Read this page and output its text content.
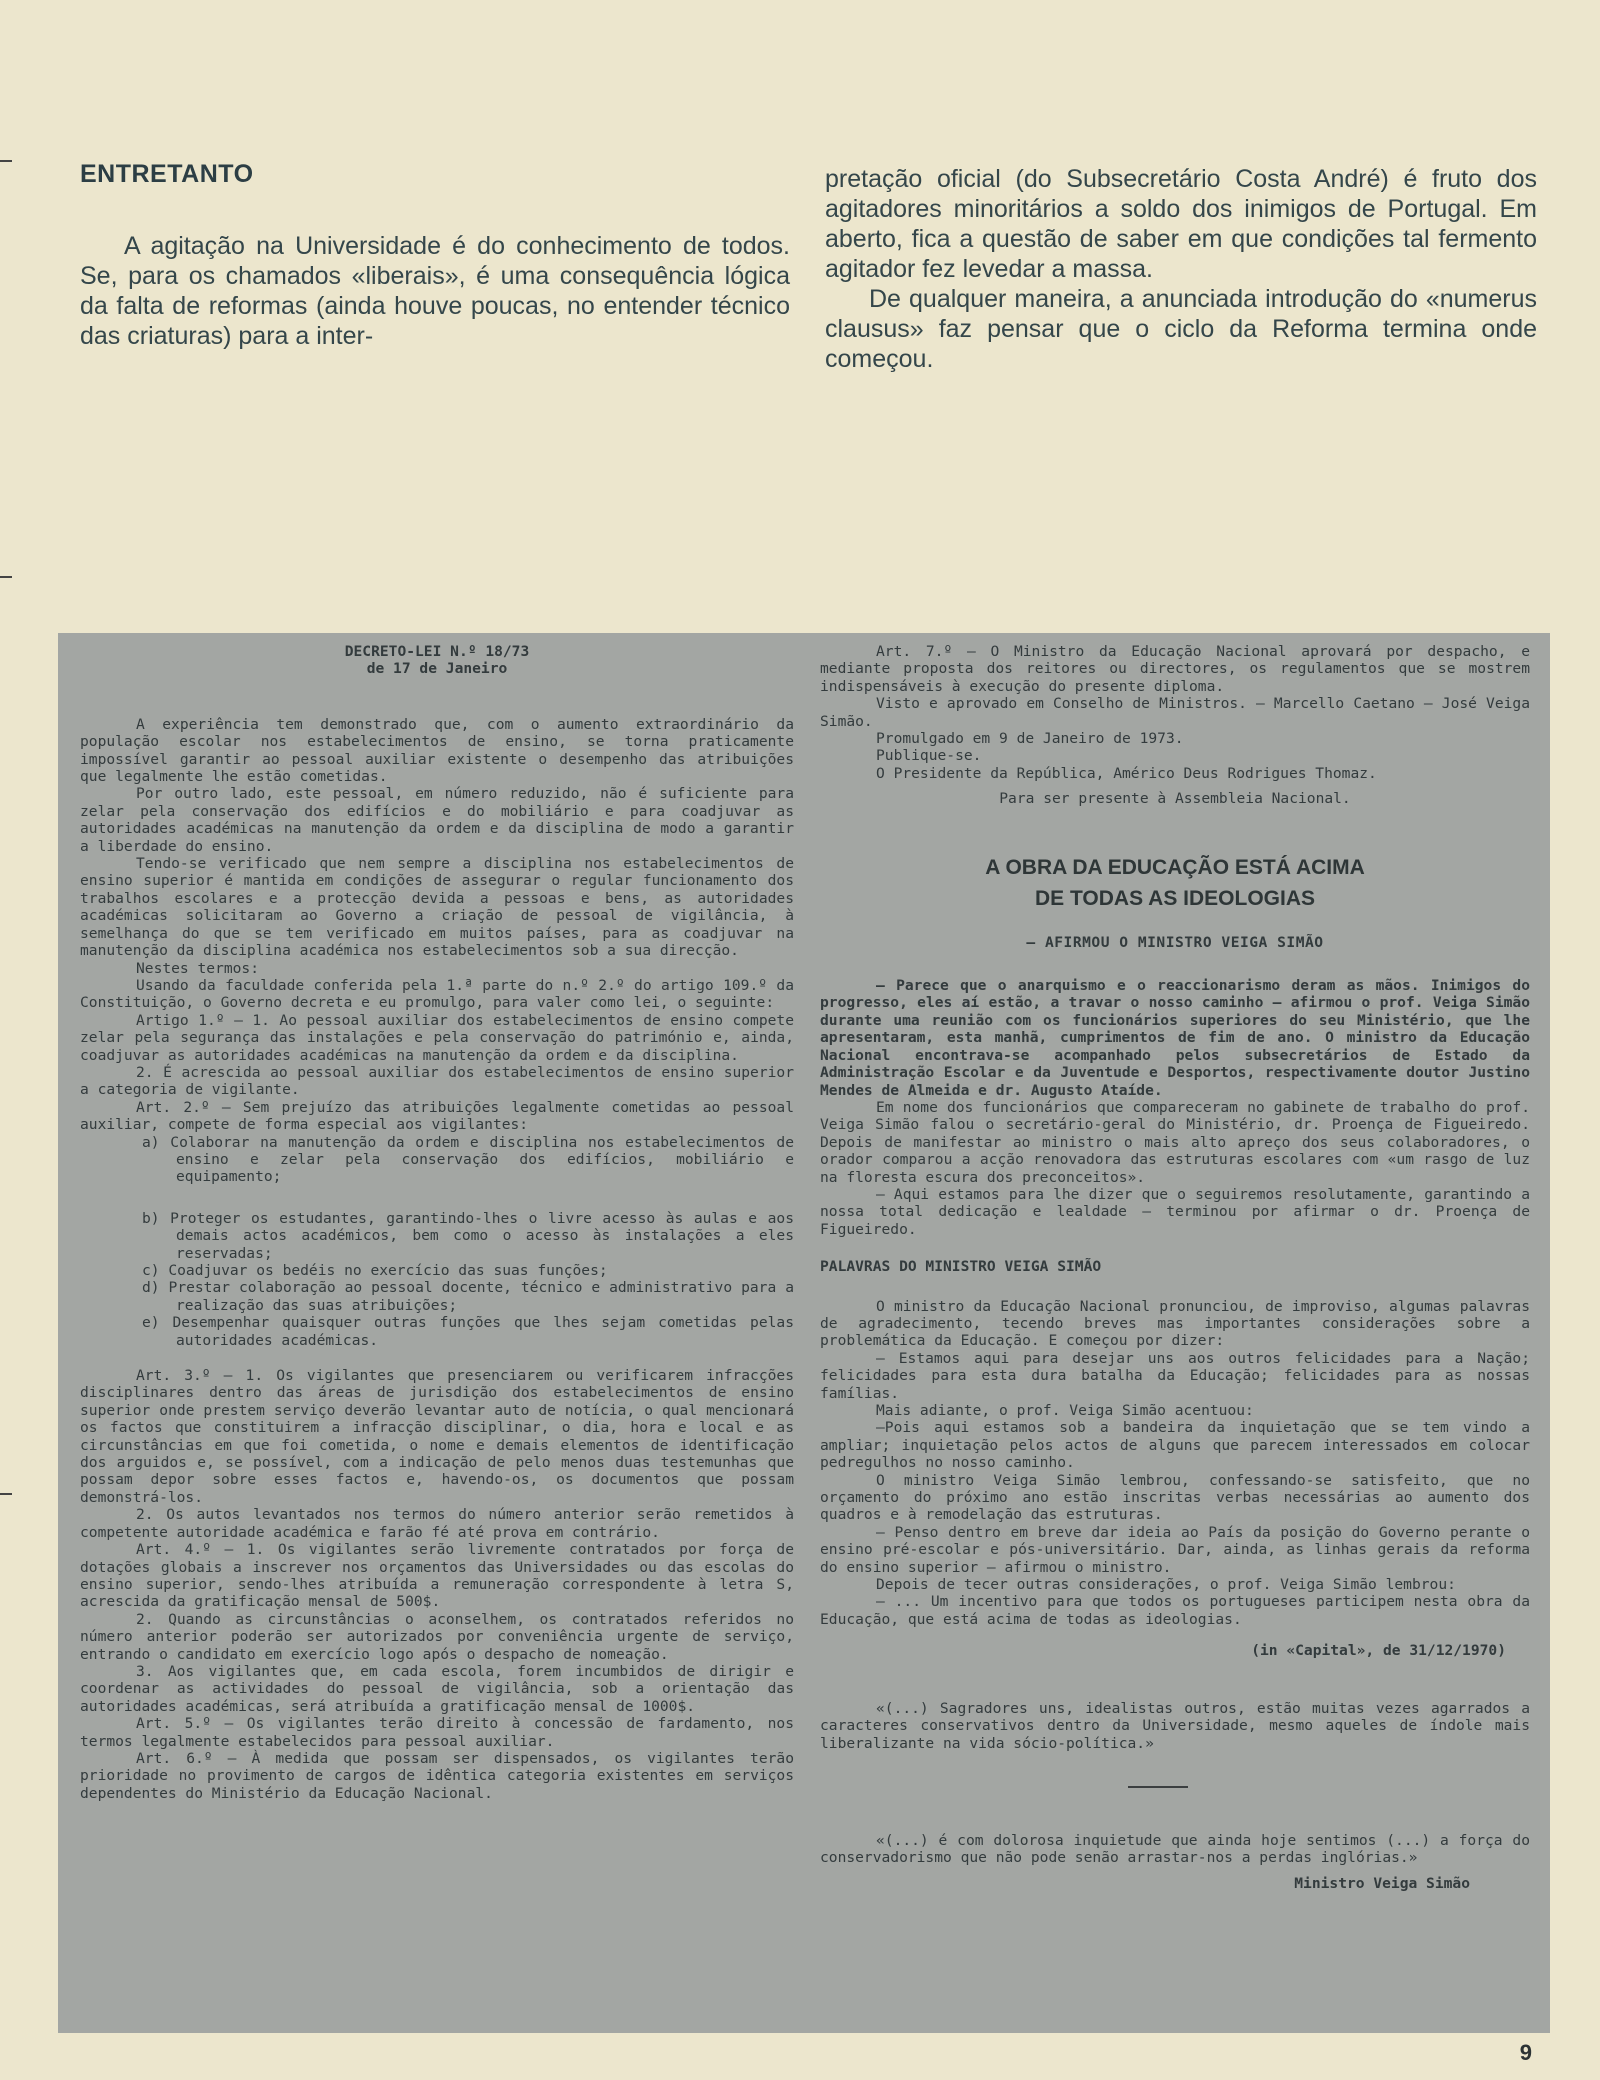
ENTRETANTO

A agitação na Universidade é do conhecimento de todos. Se, para os chamados «liberais», é uma consequência lógica da falta de reformas (ainda houve poucas, no entender técnico das criaturas) para a inter-

pretação oficial (do Subsecretário Costa André) é fruto dos agitadores minoritários a soldo dos inimigos de Portugal. Em aberto, fica a questão de saber em que condições tal fermento agitador fez levedar a massa.

De qualquer maneira, a anunciada introdução do «numerus clausus» faz pensar que o ciclo da Reforma termina onde começou.

DECRETO-LEI N.º 18/73

de 17 de Janeiro

A experiência tem demonstrado que, com o aumento extraordinário da população escolar nos estabelecimentos de ensino, se torna praticamente impossível garantir ao pessoal auxiliar existente o desempenho das atribuições que legalmente lhe estão cometidas.

Por outro lado, este pessoal, em número reduzido, não é suficiente para zelar pela conservação dos edifícios e do mobiliário e para coadjuvar as autoridades académicas na manutenção da ordem e da disciplina de modo a garantir a liberdade do ensino.

Tendo-se verificado que nem sempre a disciplina nos estabelecimentos de ensino superior é mantida em condições de assegurar o regular funcionamento dos trabalhos escolares e a protecção devida a pessoas e bens, as autoridades académicas solicitaram ao Governo a criação de pessoal de vigilância, à semelhança do que se tem verificado em muitos países, para as coadjuvar na manutenção da disciplina académica nos estabelecimentos sob a sua direcção.

Nestes termos:

Usando da faculdade conferida pela 1.ª parte do n.º 2.º do artigo 109.º da Constituição, o Governo decreta e eu promulgo, para valer como lei, o seguinte:

Artigo 1.º — 1. Ao pessoal auxiliar dos estabelecimentos de ensino compete zelar pela segurança das instalações e pela conservação do património e, ainda, coadjuvar as autoridades académicas na manutenção da ordem e da disciplina.

2. É acrescida ao pessoal auxiliar dos estabelecimentos de ensino superior a categoria de vigilante.

Art. 2.º — Sem prejuízo das atribuições legalmente cometidas ao pessoal auxiliar, compete de forma especial aos vigilantes:

a) Colaborar na manutenção da ordem e disciplina nos estabelecimentos de ensino e zelar pela conservação dos edifícios, mobiliário e equipamento;

b) Proteger os estudantes, garantindo-lhes o livre acesso às aulas e aos demais actos académicos, bem como o acesso às instalações a eles reservadas;

c) Coadjuvar os bedéis no exercício das suas funções;

d) Prestar colaboração ao pessoal docente, técnico e administrativo para a realização das suas atribuições;

e) Desempenhar quaisquer outras funções que lhes sejam cometidas pelas autoridades académicas.

Art. 3.º — 1. Os vigilantes que presenciarem ou verificarem infracções disciplinares dentro das áreas de jurisdição dos estabelecimentos de ensino superior onde prestem serviço deverão levantar auto de notícia, o qual mencionará os factos que constituirem a infracção disciplinar, o dia, hora e local e as circunstâncias em que foi cometida, o nome e demais elementos de identificação dos arguidos e, se possível, com a indicação de pelo menos duas testemunhas que possam depor sobre esses factos e, havendo-os, os documentos que possam demonstrá-los.

2. Os autos levantados nos termos do número anterior serão remetidos à competente autoridade académica e farão fé até prova em contrário.

Art. 4.º — 1. Os vigilantes serão livremente contratados por força de dotações globais a inscrever nos orçamentos das Universidades ou das escolas do ensino superior, sendo-lhes atribuída a remuneração correspondente à letra S, acrescida da gratificação mensal de 500$.

2. Quando as circunstâncias o aconselhem, os contratados referidos no número anterior poderão ser autorizados por conveniência urgente de serviço, entrando o candidato em exercício logo após o despacho de nomeação.

3. Aos vigilantes que, em cada escola, forem incumbidos de dirigir e coordenar as actividades do pessoal de vigilância, sob a orientação das autoridades académicas, será atribuída a gratificação mensal de 1000$.

Art. 5.º — Os vigilantes terão direito à concessão de fardamento, nos termos legalmente estabelecidos para pessoal auxiliar.

Art. 6.º — À medida que possam ser dispensados, os vigilantes terão prioridade no provimento de cargos de idêntica categoria existentes em serviços dependentes do Ministério da Educação Nacional.

Art. 7.º — O Ministro da Educação Nacional aprovará por despacho, e mediante proposta dos reitores ou directores, os regulamentos que se mostrem indispensáveis à execução do presente diploma.

Visto e aprovado em Conselho de Ministros. — Marcello Caetano — José Veiga Simão.

Promulgado em 9 de Janeiro de 1973.

Publique-se.

O Presidente da República, Américo Deus Rodrigues Thomaz.

Para ser presente à Assembleia Nacional.

A OBRA DA EDUCAÇÃO ESTÁ ACIMA
DE TODAS AS IDEOLOGIAS

— AFIRMOU O MINISTRO VEIGA SIMÃO

— Parece que o anarquismo e o reaccionarismo deram as mãos. Inimigos do progresso, eles aí estão, a travar o nosso caminho — afirmou o prof. Veiga Simão durante uma reunião com os funcionários superiores do seu Ministério, que lhe apresentaram, esta manhã, cumprimentos de fim de ano. O ministro da Educação Nacional encontrava-se acompanhado pelos subsecretários de Estado da Administração Escolar e da Juventude e Desportos, respectivamente doutor Justino Mendes de Almeida e dr. Augusto Ataíde.

Em nome dos funcionários que compareceram no gabinete de trabalho do prof. Veiga Simão falou o secretário-geral do Ministério, dr. Proença de Figueiredo. Depois de manifestar ao ministro o mais alto apreço dos seus colaboradores, o orador comparou a acção renovadora das estruturas escolares com «um rasgo de luz na floresta escura dos preconceitos».

— Aqui estamos para lhe dizer que o seguiremos resolutamente, garantindo a nossa total dedicação e lealdade — terminou por afirmar o dr. Proença de Figueiredo.

PALAVRAS DO MINISTRO VEIGA SIMÃO

O ministro da Educação Nacional pronunciou, de improviso, algumas palavras de agradecimento, tecendo breves mas importantes considerações sobre a problemática da Educação. E começou por dizer:

— Estamos aqui para desejar uns aos outros felicidades para a Nação; felicidades para esta dura batalha da Educação; felicidades para as nossas famílias.

Mais adiante, o prof. Veiga Simão acentuou:

—Pois aqui estamos sob a bandeira da inquietação que se tem vindo a ampliar; inquietação pelos actos de alguns que parecem interessados em colocar pedregulhos no nosso caminho.

O ministro Veiga Simão lembrou, confessando-se satisfeito, que no orçamento do próximo ano estão inscritas verbas necessárias ao aumento dos quadros e à remodelação das estruturas.

— Penso dentro em breve dar ideia ao País da posição do Governo perante o ensino pré-escolar e pós-universitário. Dar, ainda, as linhas gerais da reforma do ensino superior — afirmou o ministro.

Depois de tecer outras considerações, o prof. Veiga Simão lembrou:

— ... Um incentivo para que todos os portugueses participem nesta obra da Educação, que está acima de todas as ideologias.

(in «Capital», de 31/12/1970)

«(...) Sagradores uns, idealistas outros, estão muitas vezes agarrados a caracteres conservativos dentro da Universidade, mesmo aqueles de índole mais liberalizante na vida sócio-política.»

«(...) é com dolorosa inquietude que ainda hoje sentimos (...) a força do conservadorismo que não pode senão arrastar-nos a perdas inglórias.»

Ministro Veiga Simão

9
